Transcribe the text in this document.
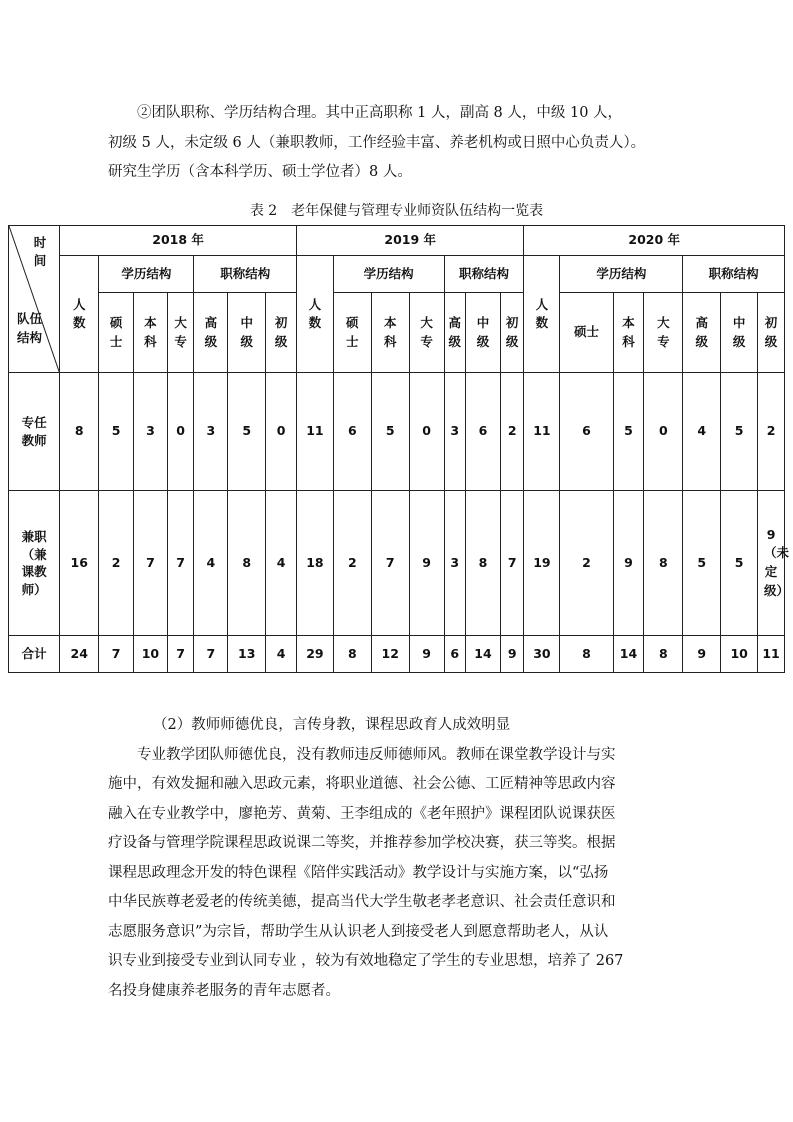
②团队职称、学历结构合理。其中正高职称 1 人，副高 8 人，中级 10 人，
初级 5 人，未定级 6 人（兼职教师，工作经验丰富、养老机构或日照中心负责人）。
研究生学历（含本科学历、硕士学位者）8 人。

表 2　老年保健与管理专业师资队伍结构一览表

时间
队伍结构	2018 年							2019 年							2020 年						

	人数	学历结构			职称结构			人数	学历结构			职称结构			人数	学历结构			职称结构		

		硕士	本科	大专	高级	中级	初级		硕士	本科	大专	高级	中级	初级		硕士	本科	大专	高级	中级	初级

专任教师	8	5	3	0	3	5	0	11	6	5	0	3	6	2	11	6	5	0	4	5	2

兼职（兼课教师）	16	2	7	7	4	8	4	18	2	7	9	3	8	7	19	2	9	8	5	5	9（未定级）

合计	24	7	10	7	7	13	4	29	8	12	9	6	14	9	30	8	14	8	9	10	11
（2）教师师德优良，言传身教，课程思政育人成效明显
专业教学团队师德优良，没有教师违反师德师风。教师在课堂教学设计与实
施中，有效发掘和融入思政元素，将职业道德、社会公德、工匠精神等思政内容
融入在专业教学中，廖艳芳、黄菊、王李组成的《老年照护》课程团队说课获医
疗设备与管理学院课程思政说课二等奖，并推荐参加学校决赛，获三等奖。根据
课程思政理念开发的特色课程《陪伴实践活动》教学设计与实施方案，以“弘扬
中华民族尊老爱老的传统美德，提高当代大学生敬老孝老意识、社会责任意识和
志愿服务意识”为宗旨，帮助学生从认识老人到接受老人到愿意帮助老人，从认
识专业到接受专业到认同专业 ，较为有效地稳定了学生的专业思想，培养了 267
名投身健康养老服务的青年志愿者。
